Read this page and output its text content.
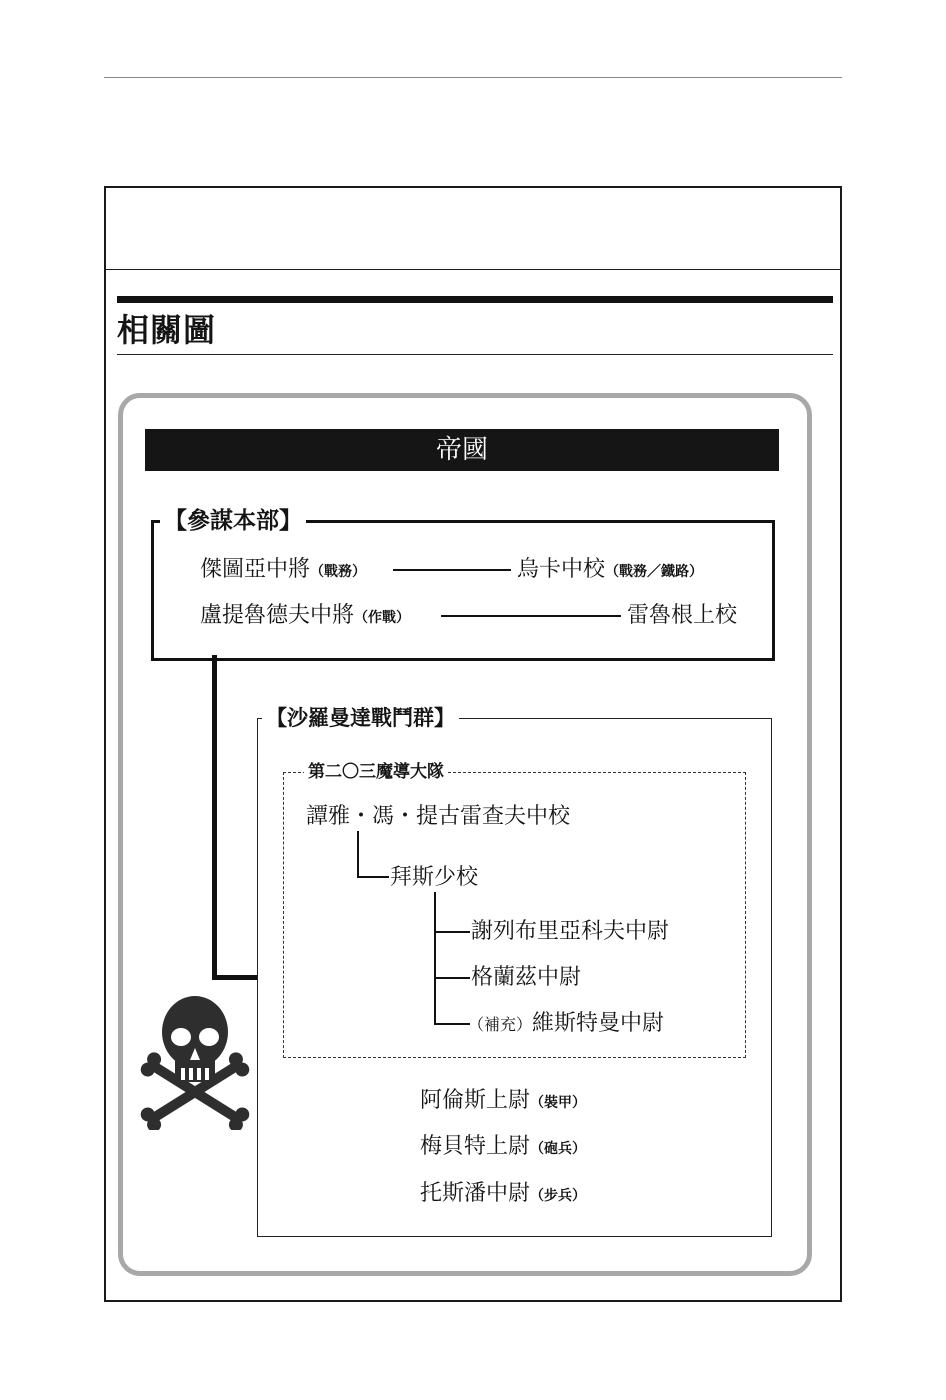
相關圖
帝國
【參謀本部】
傑圖亞中將（戰務）	烏卡中校（戰務／鐵路）
盧提魯德夫中將（作戰）	雷魯根上校
【沙羅曼達戰鬥群】
第二〇三魔導大隊
譚雅・馮・提古雷查夫中校
拜斯少校
謝列布里亞科夫中尉
格蘭茲中尉
（補充）維斯特曼中尉
阿倫斯上尉（裝甲）
梅貝特上尉（砲兵）
托斯潘中尉（步兵）
